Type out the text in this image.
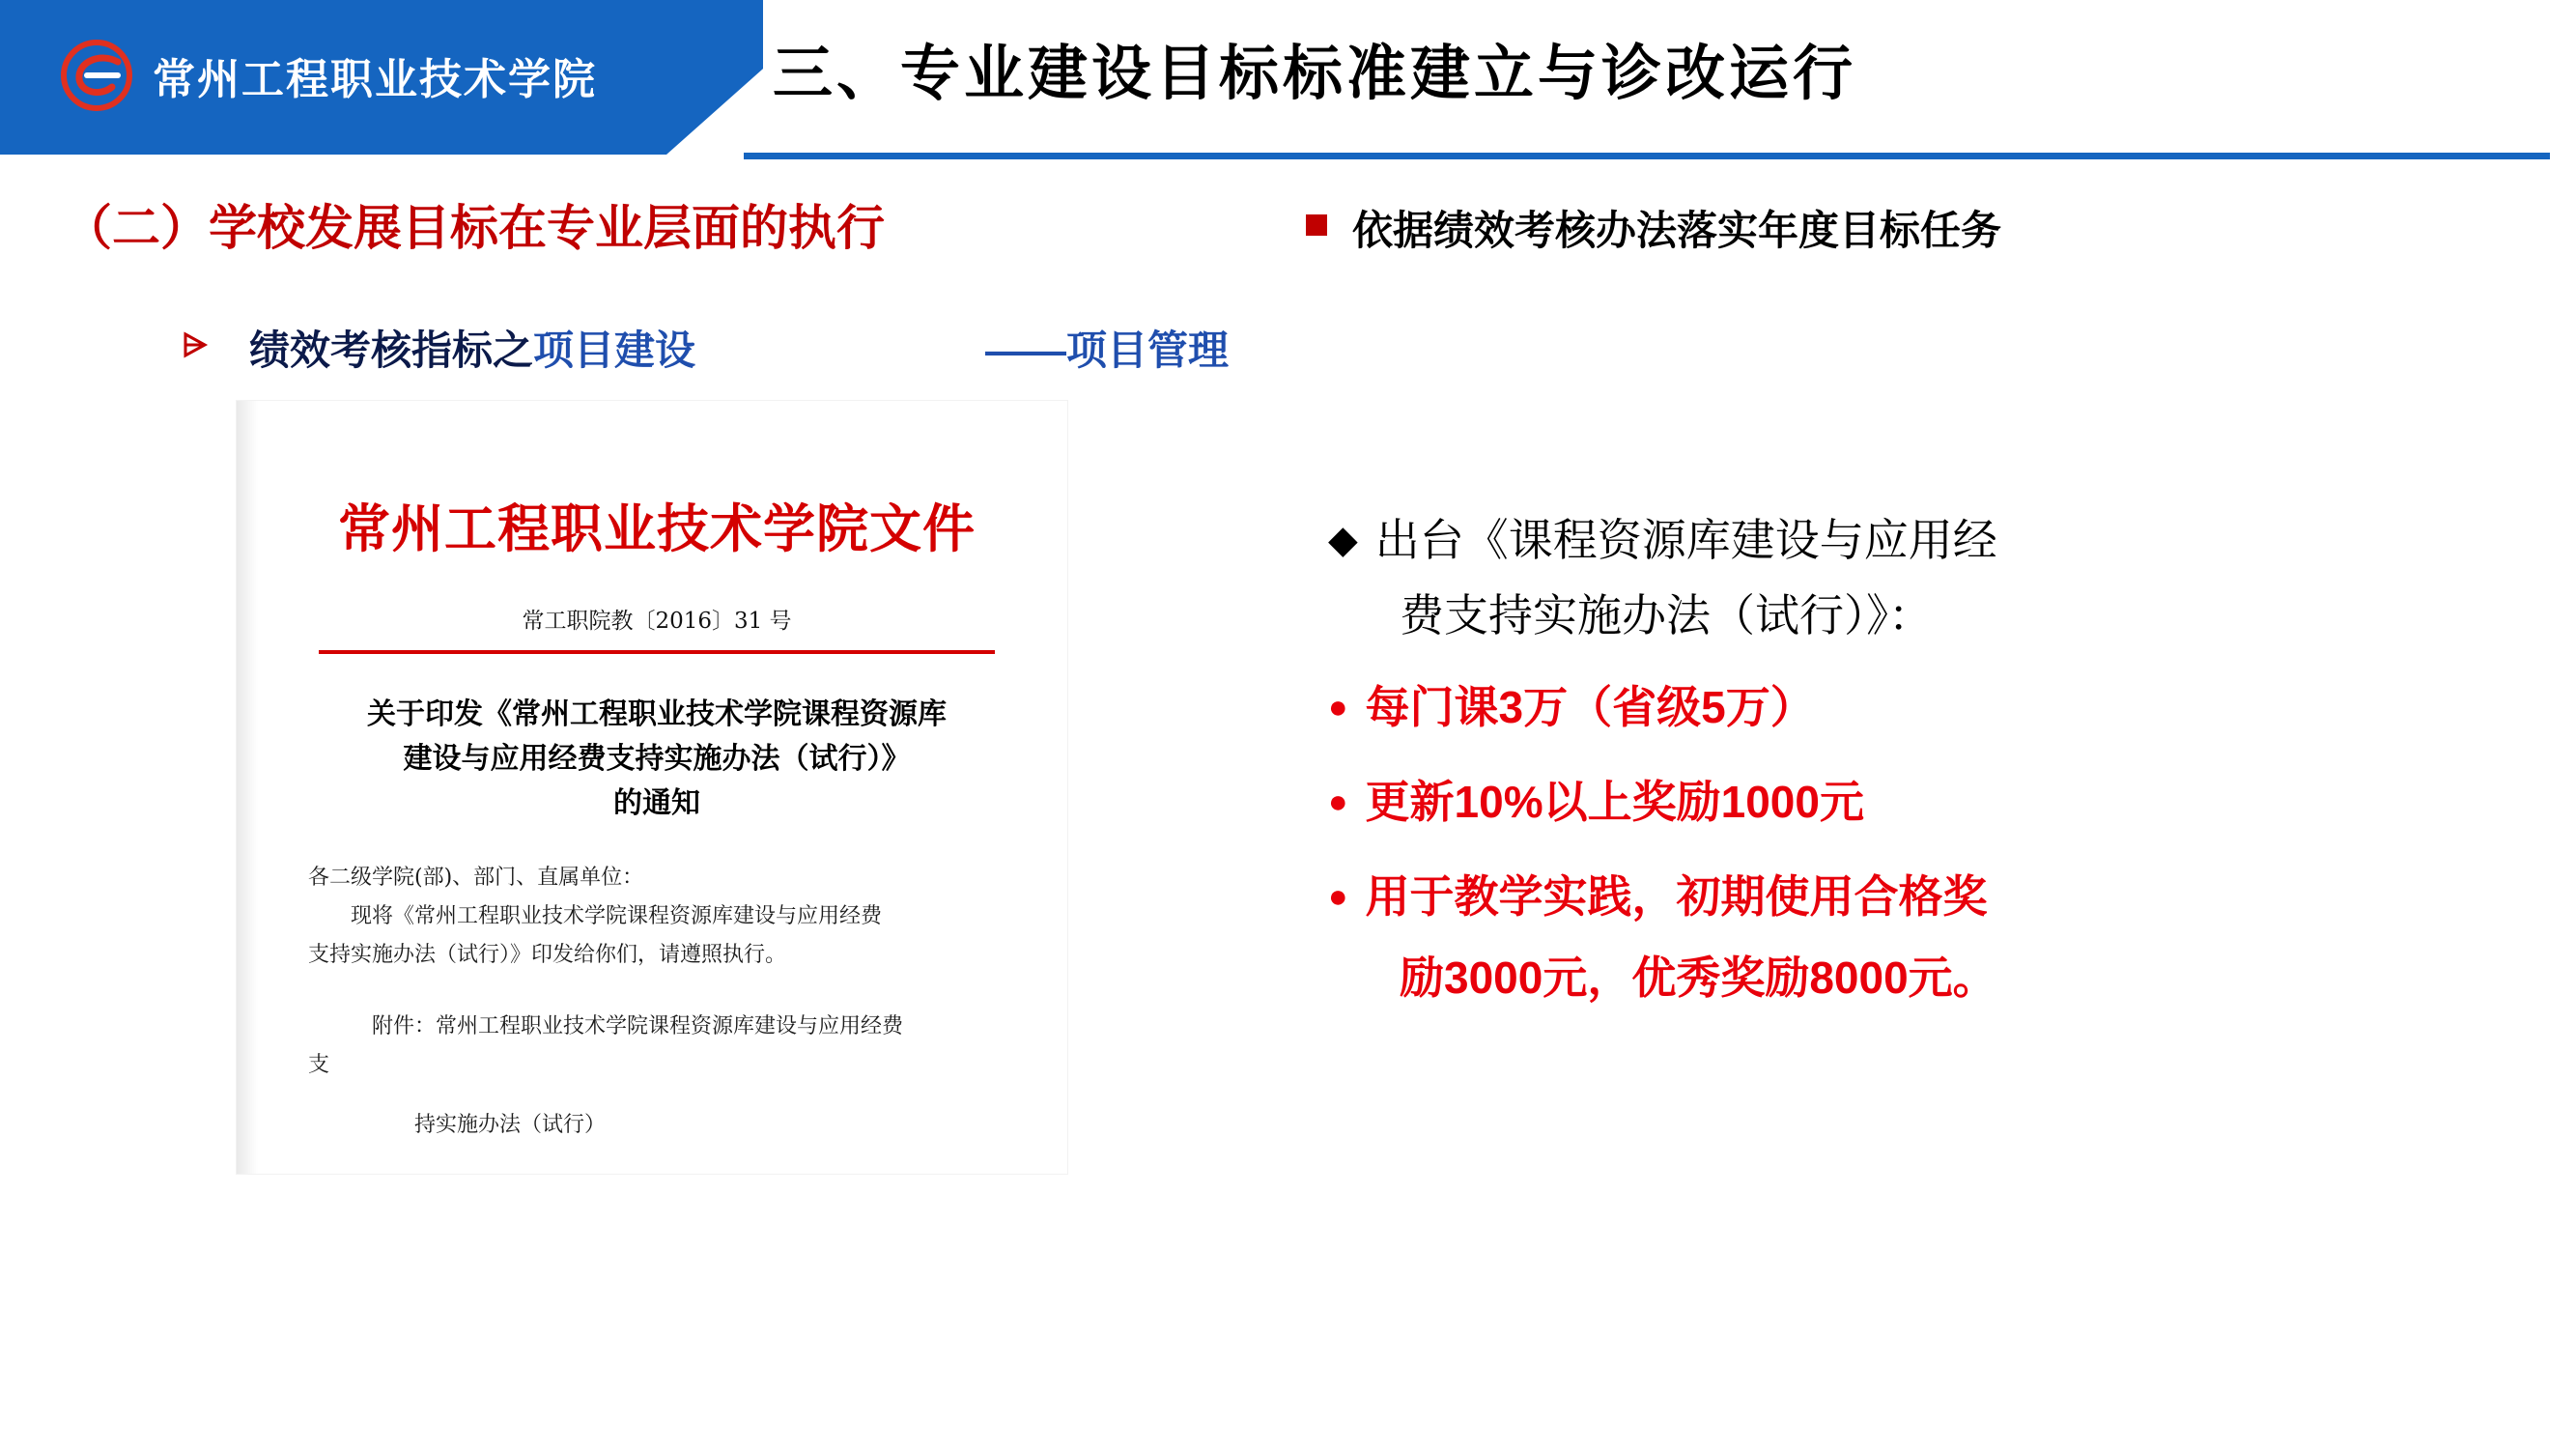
常州工程职业技术学院	三、专业建设目标标准建立与诊改运行
（二）学校发展目标在专业层面的执行	依据绩效考核办法落实年度目标任务
绩效考核指标之项目建设	——项目管理
常州工程职业技术学院文件
常工职院教〔2016〕31 号
关于印发《常州工程职业技术学院课程资源库
建设与应用经费支持实施办法（试行）》
的通知
各二级学院(部)、部门、直属单位：
现将《常州工程职业技术学院课程资源库建设与应用经费
支持实施办法（试行）》印发给你们，请遵照执行。
附件：常州工程职业技术学院课程资源库建设与应用经费
支
持实施办法（试行）
◆ 出台《课程资源库建设与应用经
费支持实施办法（试行）》：
● 每门课3万（省级5万）
● 更新10%以上奖励1000元
● 用于教学实践，初期使用合格奖
励3000元，优秀奖励8000元。
